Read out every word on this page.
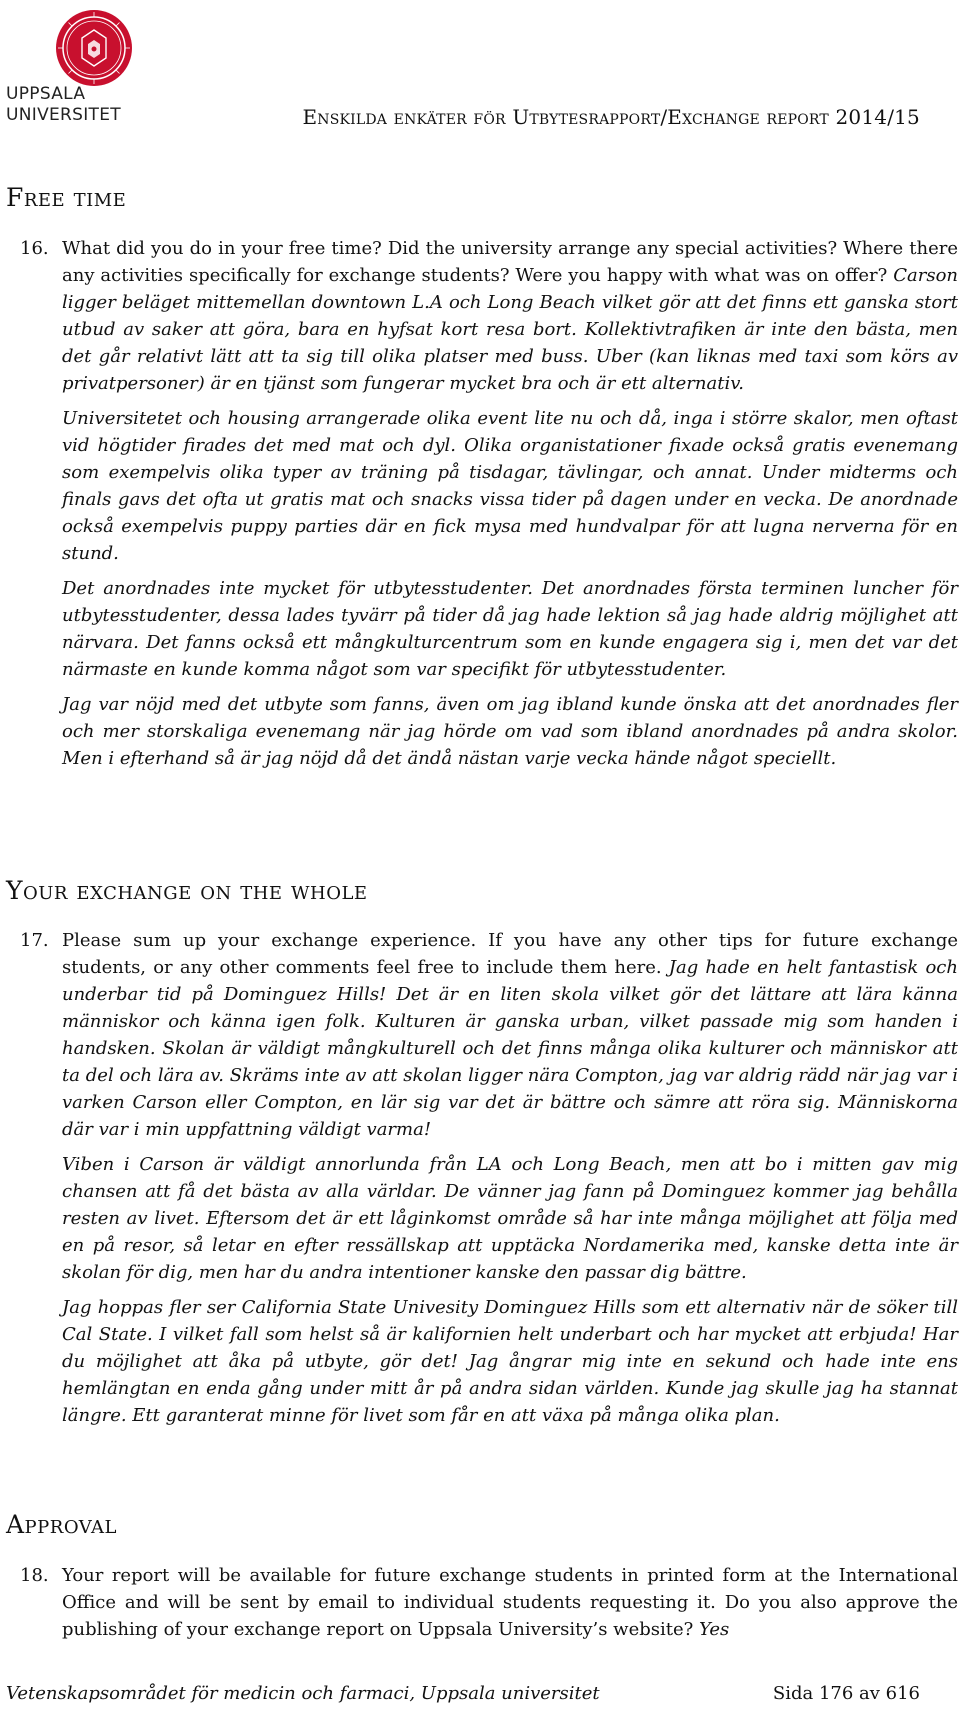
UPPSALA
UNIVERSITET	Enskilda enkäter för Utbytesrapport/Exchange report 2014/15
Free time
16. What did you do in your free time? Did the university arrange any special activities? Where there any activities specifically for exchange students? Were you happy with what was on offer? Carson ligger beläget mittemellan downtown L.A och Long Beach vilket gör att det finns ett ganska stort utbud av saker att göra, bara en hyfsat kort resa bort. Kollektivtrafiken är inte den bästa, men det går relativt lätt att ta sig till olika platser med buss. Uber (kan liknas med taxi som körs av privatpersoner) är en tjänst som fungerar mycket bra och är ett alternativ.

Universitetet och housing arrangerade olika event lite nu och då, inga i större skalor, men oftast vid högtider firades det med mat och dyl. Olika organistationer fixade också gratis evenemang som exempelvis olika typer av träning på tisdagar, tävlingar, och annat. Under midterms och finals gavs det ofta ut gratis mat och snacks vissa tider på dagen under en vecka. De anordnade också exempelvis puppy parties där en fick mysa med hundvalpar för att lugna nerverna för en stund.

Det anordnades inte mycket för utbytesstudenter. Det anordnades första terminen luncher för utbytesstudenter, dessa lades tyvärr på tider då jag hade lektion så jag hade aldrig möjlighet att närvara. Det fanns också ett mångkulturcentrum som en kunde engagera sig i, men det var det närmaste en kunde komma något som var specifikt för utbytesstudenter.

Jag var nöjd med det utbyte som fanns, även om jag ibland kunde önska att det anordnades fler och mer storskaliga evenemang när jag hörde om vad som ibland anordnades på andra skolor. Men i efterhand så är jag nöjd då det ändå nästan varje vecka hände något speciellt.

Your exchange on the whole
17. Please sum up your exchange experience. If you have any other tips for future exchange students, or any other comments feel free to include them here. Jag hade en helt fantastisk och underbar tid på Dominguez Hills! Det är en liten skola vilket gör det lättare att lära känna människor och känna igen folk. Kulturen är ganska urban, vilket passade mig som handen i handsken. Skolan är väldigt mångkulturell och det finns många olika kulturer och människor att ta del och lära av. Skräms inte av att skolan ligger nära Compton, jag var aldrig rädd när jag var i varken Carson eller Compton, en lär sig var det är bättre och sämre att röra sig. Människorna där var i min uppfattning väldigt varma!

Viben i Carson är väldigt annorlunda från LA och Long Beach, men att bo i mitten gav mig chansen att få det bästa av alla världar. De vänner jag fann på Dominguez kommer jag behålla resten av livet. Eftersom det är ett låginkomst område så har inte många möjlighet att följa med en på resor, så letar en efter ressällskap att upptäcka Nordamerika med, kanske detta inte är skolan för dig, men har du andra intentioner kanske den passar dig bättre.

Jag hoppas fler ser California State Univesity Dominguez Hills som ett alternativ när de söker till Cal State. I vilket fall som helst så är kalifornien helt underbart och har mycket att erbjuda! Har du möjlighet att åka på utbyte, gör det! Jag ångrar mig inte en sekund och hade inte ens hemlängtan en enda gång under mitt år på andra sidan världen. Kunde jag skulle jag ha stannat längre. Ett garanterat minne för livet som får en att växa på många olika plan.

Approval
18. Your report will be available for future exchange students in printed form at the International Office and will be sent by email to individual students requesting it. Do you also approve the publishing of your exchange report on Uppsala University’s website? Yes

Vetenskapsområdet för medicin och farmaci, Uppsala universitet	Sida 176 av 616
